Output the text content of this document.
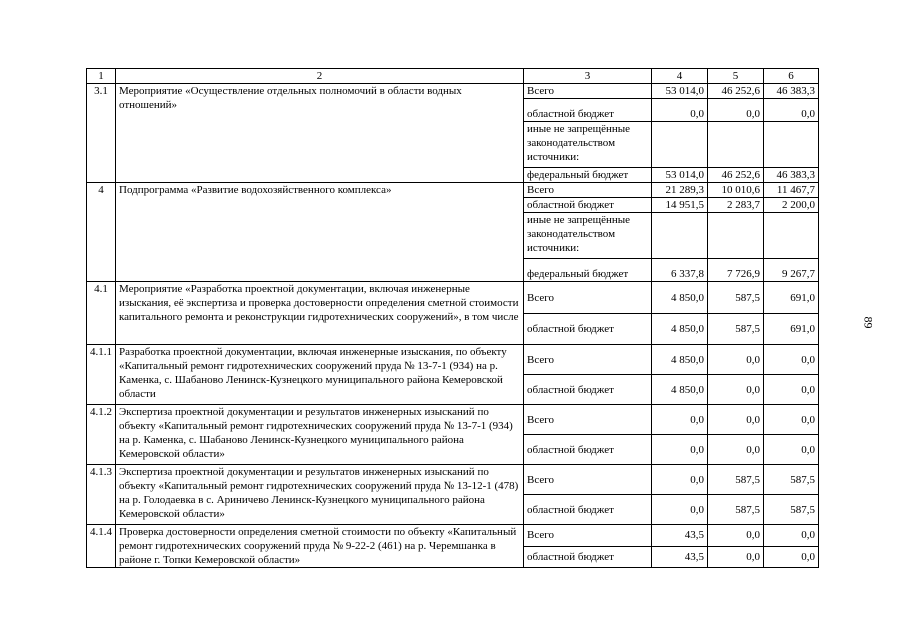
1	2	3	4	5	6
3.1	Мероприятие «Осуществление отдельных полномочий в области водных отношений»	Всего	53 014,0	46 252,6	46 383,3
		областной бюджет	0,0	0,0	0,0
		иные не запрещённые законодательством источники:			
		федеральный бюджет	53 014,0	46 252,6	46 383,3
4	Подпрограмма «Развитие водохозяйственного комплекса»	Всего	21 289,3	10 010,6	11 467,7
		областной бюджет	14 951,5	2 283,7	2 200,0
		иные не запрещённые законодательством источники:			
		федеральный бюджет	6 337,8	7 726,9	9 267,7
4.1	Мероприятие «Разработка проектной документации, включая инженерные изыскания, её экспертиза и проверка достоверности определения сметной стоимости капитального ремонта и реконструкции гидротехнических сооружений», в том числе	Всего	4 850,0	587,5	691,0
		областной бюджет	4 850,0	587,5	691,0
4.1.1	Разработка проектной документации, включая инженерные изыскания, по объекту «Капитальный ремонт гидротехнических сооружений пруда № 13-7-1 (934) на р. Каменка, с. Шабаново Ленинск-Кузнецкого муниципального района Кемеровской области	Всего	4 850,0	0,0	0,0
		областной бюджет	4 850,0	0,0	0,0
4.1.2	Экспертиза проектной документации и результатов инженерных изысканий по объекту «Капитальный ремонт гидротехнических сооружений пруда № 13-7-1 (934) на р. Каменка, с. Шабаново Ленинск-Кузнецкого муниципального района Кемеровской области»	Всего	0,0	0,0	0,0
		областной бюджет	0,0	0,0	0,0
4.1.3	Экспертиза проектной документации и результатов инженерных изысканий по объекту «Капитальный ремонт гидротехнических сооружений пруда № 13-12-1 (478) на р. Голодаевка в с. Ариничево Ленинск-Кузнецкого муниципального района Кемеровской области»	Всего	0,0	587,5	587,5
		областной бюджет	0,0	587,5	587,5
4.1.4	Проверка достоверности определения сметной стоимости по объекту «Капитальный ремонт гидротехнических сооружений пруда № 9-22-2 (461) на р. Черемшанка в районе г. Топки Кемеровской области»	Всего	43,5	0,0	0,0
		областной бюджет	43,5	0,0	0,0
89
